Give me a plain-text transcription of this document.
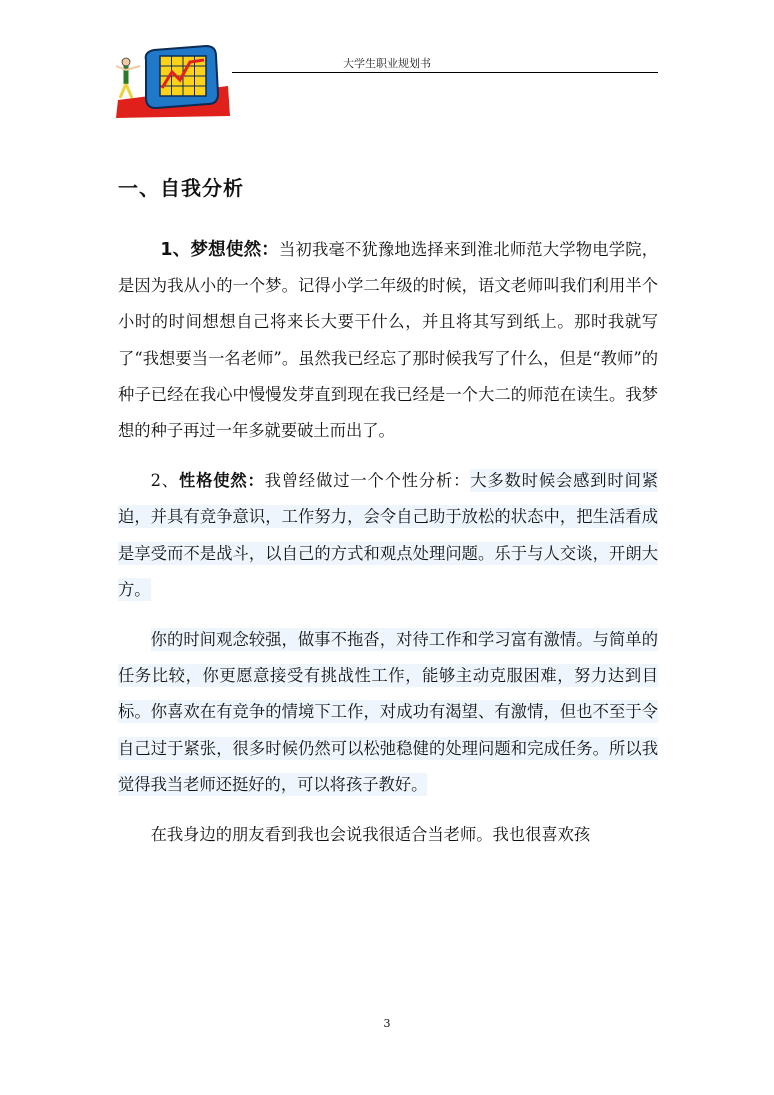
大学生职业规划书
一、自我分析

1、梦想使然：当初我毫不犹豫地选择来到淮北师范大学物电学院，是因为我从小的一个梦。记得小学二年级的时候，语文老师叫我们利用半个小时的时间想想自己将来长大要干什么，并且将其写到纸上。那时我就写了“我想要当一名老师”。虽然我已经忘了那时候我写了什么，但是“教师”的种子已经在我心中慢慢发芽直到现在我已经是一个大二的师范在读生。我梦想的种子再过一年多就要破土而出了。

2、性格使然：我曾经做过一个个性分析：大多数时候会感到时间紧迫，并具有竞争意识，工作努力，会令自己助于放松的状态中，把生活看成是享受而不是战斗，以自己的方式和观点处理问题。乐于与人交谈，开朗大方。

你的时间观念较强，做事不拖沓，对待工作和学习富有激情。与简单的任务比较，你更愿意接受有挑战性工作，能够主动克服困难，努力达到目标。你喜欢在有竞争的情境下工作，对成功有渴望、有激情，但也不至于令自己过于紧张，很多时候仍然可以松弛稳健的处理问题和完成任务。所以我觉得我当老师还挺好的，可以将孩子教好。

在我身边的朋友看到我也会说我很适合当老师。我也很喜欢孩

3
